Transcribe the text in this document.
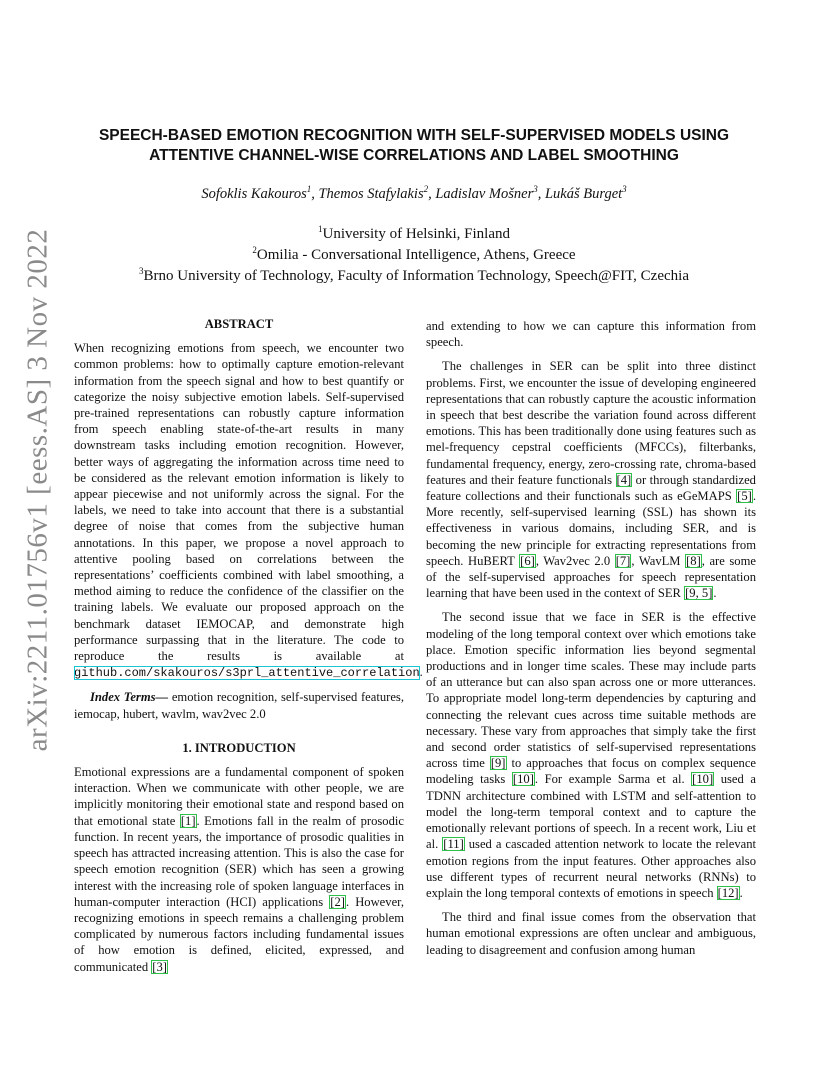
arXiv:2211.01756v1 [eess.AS] 3 Nov 2022
SPEECH-BASED EMOTION RECOGNITION WITH SELF-SUPERVISED MODELS USING
ATTENTIVE CHANNEL-WISE CORRELATIONS AND LABEL SMOOTHING
Sofoklis Kakouros$^1$, Themos Stafylakis$^2$, Ladislav Mošner$^3$, Lukáš Burget$^3$
$^1$University of Helsinki, Finland
$^2$Omilia - Conversational Intelligence, Athens, Greece
$^3$Brno University of Technology, Faculty of Information Technology, Speech@FIT, Czechia
ABSTRACT

When recognizing emotions from speech, we encounter two common problems: how to optimally capture emotion-relevant information from the speech signal and how to best quantify or categorize the noisy subjective emotion labels. Self-supervised pre-trained representations can robustly capture information from speech enabling state-of-the-art results in many downstream tasks including emotion recognition. However, better ways of aggregating the information across time need to be considered as the relevant emotion information is likely to appear piecewise and not uniformly across the signal. For the labels, we need to take into account that there is a substantial degree of noise that comes from the subjective human annotations. In this paper, we propose a novel approach to attentive pooling based on correlations between the representations’ coefficients combined with label smoothing, a method aiming to reduce the confidence of the classifier on the training labels. We evaluate our proposed approach on the benchmark dataset IEMOCAP, and demonstrate high performance surpassing that in the literature. The code to reproduce the results is available at github.com/skakouros/s3prl_attentive_correlation.

Index Terms— emotion recognition, self-supervised features, iemocap, hubert, wavlm, wav2vec 2.0
1. INTRODUCTION

Emotional expressions are a fundamental component of spoken interaction. When we communicate with other people, we are implicitly monitoring their emotional state and respond based on that emotional state [1]. Emotions fall in the realm of prosodic function. In recent years, the importance of prosodic qualities in speech has attracted increasing attention. This is also the case for speech emotion recognition (SER) which has seen a growing interest with the increasing role of spoken language interfaces in human-computer interaction (HCI) applications [2]. However, recognizing emotions in speech remains a challenging problem complicated by numerous factors including fundamental issues of how emotion is defined, elicited, expressed, and communicated [3]

and extending to how we can capture this information from speech.

The challenges in SER can be split into three distinct problems. First, we encounter the issue of developing engineered representations that can robustly capture the acoustic information in speech that best describe the variation found across different emotions. This has been traditionally done using features such as mel-frequency cepstral coefficients (MFCCs), filterbanks, fundamental frequency, energy, zero-crossing rate, chroma-based features and their feature functionals [4] or through standardized feature collections and their functionals such as eGeMAPS [5]. More recently, self-supervised learning (SSL) has shown its effectiveness in various domains, including SER, and is becoming the new principle for extracting representations from speech. HuBERT [6], Wav2vec 2.0 [7], WavLM [8], are some of the self-supervised approaches for speech representation learning that have been used in the context of SER [9, 5].

The second issue that we face in SER is the effective modeling of the long temporal context over which emotions take place. Emotion specific information lies beyond segmental productions and in longer time scales. These may include parts of an utterance but can also span across one or more utterances. To appropriate model long-term dependencies by capturing and connecting the relevant cues across time suitable methods are necessary. These vary from approaches that simply take the first and second order statistics of self-supervised representations across time [9] to approaches that focus on complex sequence modeling tasks [10]. For example Sarma et al. [10] used a TDNN architecture combined with LSTM and self-attention to model the long-term temporal context and to capture the emotionally relevant portions of speech. In a recent work, Liu et al. [11] used a cascaded attention network to locate the relevant emotion regions from the input features. Other approaches also use different types of recurrent neural networks (RNNs) to explain the long temporal contexts of emotions in speech [12].

The third and final issue comes from the observation that human emotional expressions are often unclear and ambiguous, leading to disagreement and confusion among human
